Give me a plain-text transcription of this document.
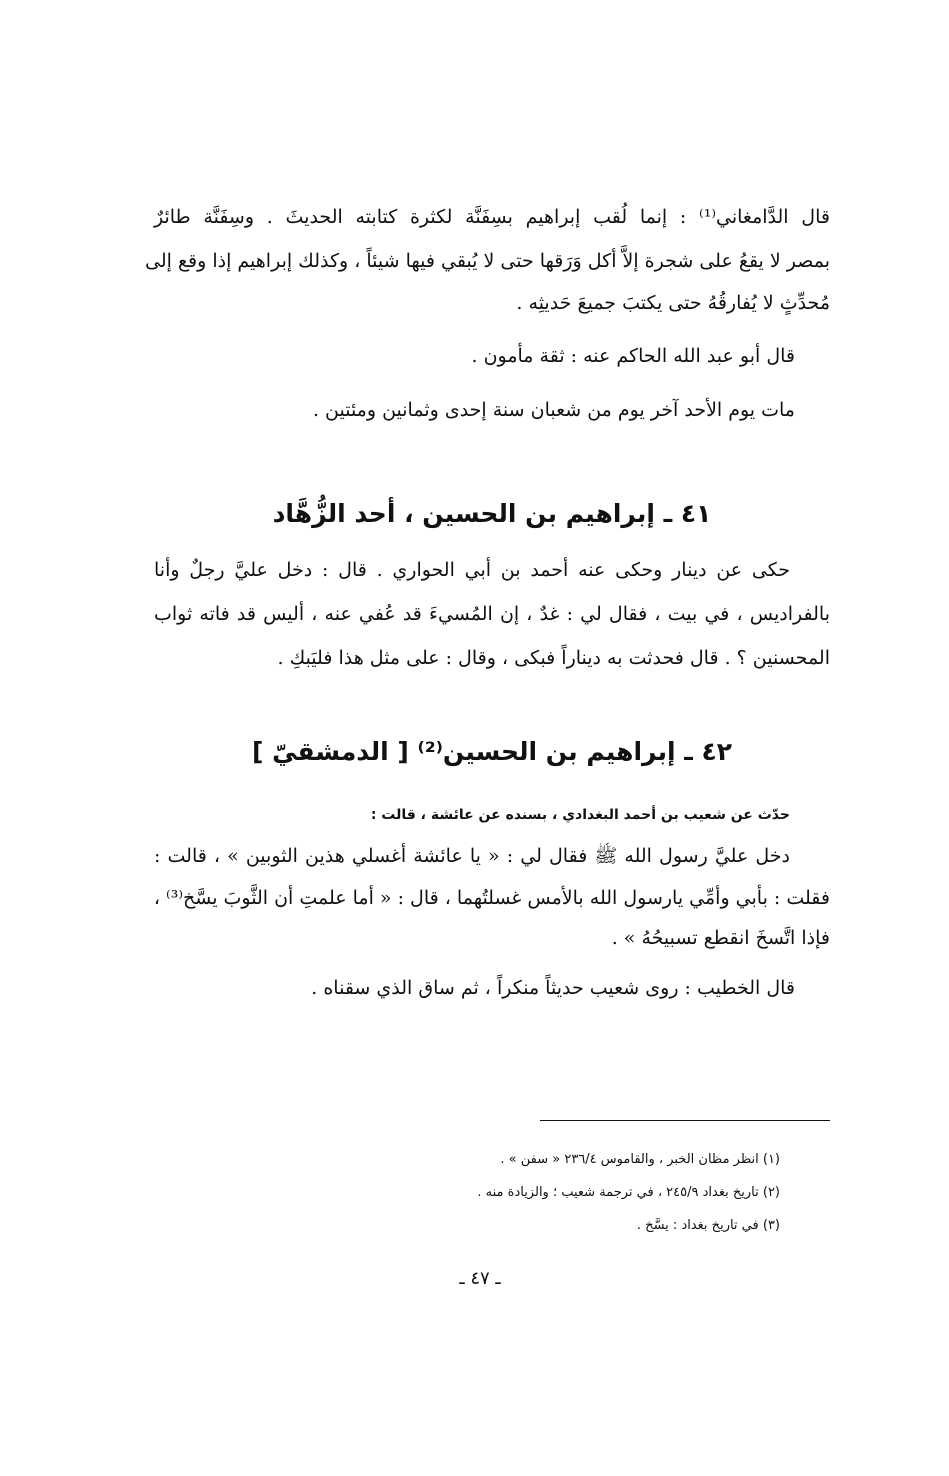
قال الدَّامغاني⁽¹⁾ : إنما لُقب إبراهيم بسِفَنَّة لكثرة كتابته الحديثَ . وسِفَنَّة طائرٌ
بمصر لا يقعُ على شجرة إلاَّ أكل وَرَقها حتى لا يُبقي فيها شيئاً ، وكذلك إبراهيم إذا وقع إلى
مُحدِّثٍ لا يُفارقُهُ حتى يكتبَ جميعَ حَديثِه .
قال أبو عبد الله الحاكم عنه : ثقة مأمون .
مات يوم الأحد آخر يوم من شعبان سنة إحدى وثمانين ومئتين .
٤١ ـ إبراهيم بن الحسين ، أحد الزُّهَّاد
حكى عن دينار وحكى عنه أحمد بن أبي الحواري . قال : دخل عليَّ رجلٌ وأنا
بالفراديس ، في بيت ، فقال لي : غدٌ ، إن المُسيءَ قد عُفي عنه ، أليس قد فاته ثواب
المحسنين ؟ . قال فحدثت به ديناراً فبكى ، وقال : على مثل هذا فليَبكِ .
٤٢ ـ إبراهيم بن الحسين⁽²⁾ [ الدمشقيّ ]
حدّث عن شعيب بن أحمد البغدادي ، بسنده عن عائشة ، قالت :
دخل عليَّ رسول الله ﷺ فقال لي : « يا عائشة أغسلي هذين الثوبين » ، قالت :
فقلت : بأبي وأمِّي يارسول الله بالأمس غسلتُهما ، قال : « أما علمتِ أن الثَّوبَ يسَّخ⁽³⁾ ،
فإذا اتَّسخَ انقطع تسبيحُهُ » .
قال الخطيب : روى شعيب حديثاً منكراً ، ثم ساق الذي سقناه .
(١) انظر مظان الخبر ، والقاموس ٢٣٦/٤ « سفن » .
(٢) تاريخ بغداد ٢٤٥/٩ ، في ترجمة شعيب ؛ والزيادة منه .
(٣) في تاريخ بغداد : يسَّخ .
ـ ٤٧ ـ
